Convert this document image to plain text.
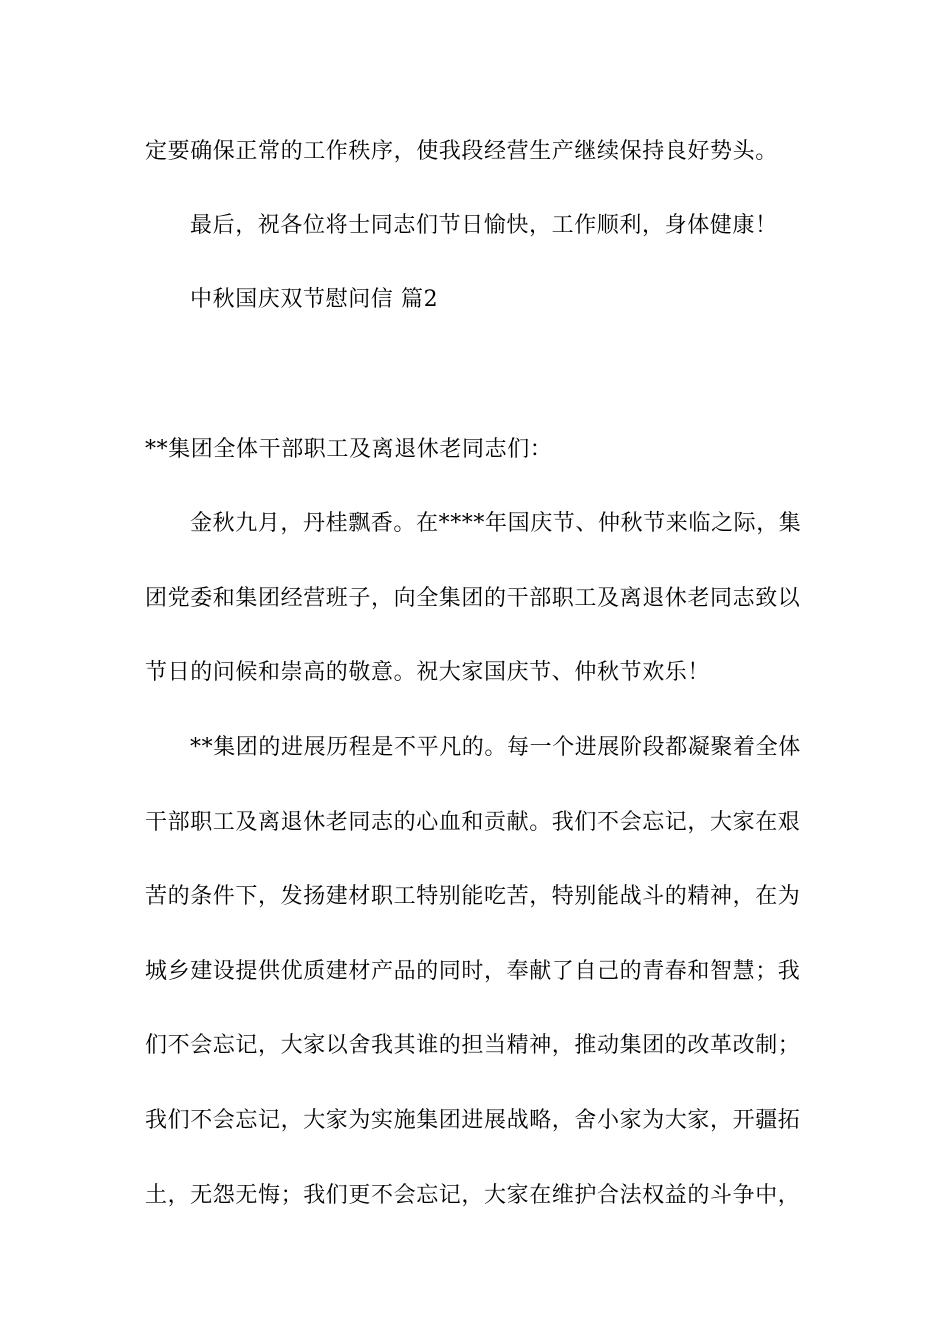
定要确保正常的工作秩序，使我段经营生产继续保持良好势头。
最后，祝各位将士同志们节日愉快，工作顺利，身体健康！
中秋国庆双节慰问信 篇2
**集团全体干部职工及离退休老同志们：
金秋九月，丹桂飘香。在****年国庆节、仲秋节来临之际，集
团党委和集团经营班子，向全集团的干部职工及离退休老同志致以
节日的问候和崇高的敬意。祝大家国庆节、仲秋节欢乐！
**集团的进展历程是不平凡的。每一个进展阶段都凝聚着全体
干部职工及离退休老同志的心血和贡献。我们不会忘记，大家在艰
苦的条件下，发扬建材职工特别能吃苦，特别能战斗的精神，在为
城乡建设提供优质建材产品的同时，奉献了自己的青春和智慧；我
们不会忘记，大家以舍我其谁的担当精神，推动集团的改革改制；
我们不会忘记，大家为实施集团进展战略，舍小家为大家，开疆拓
土，无怨无悔；我们更不会忘记，大家在维护合法权益的斗争中，
